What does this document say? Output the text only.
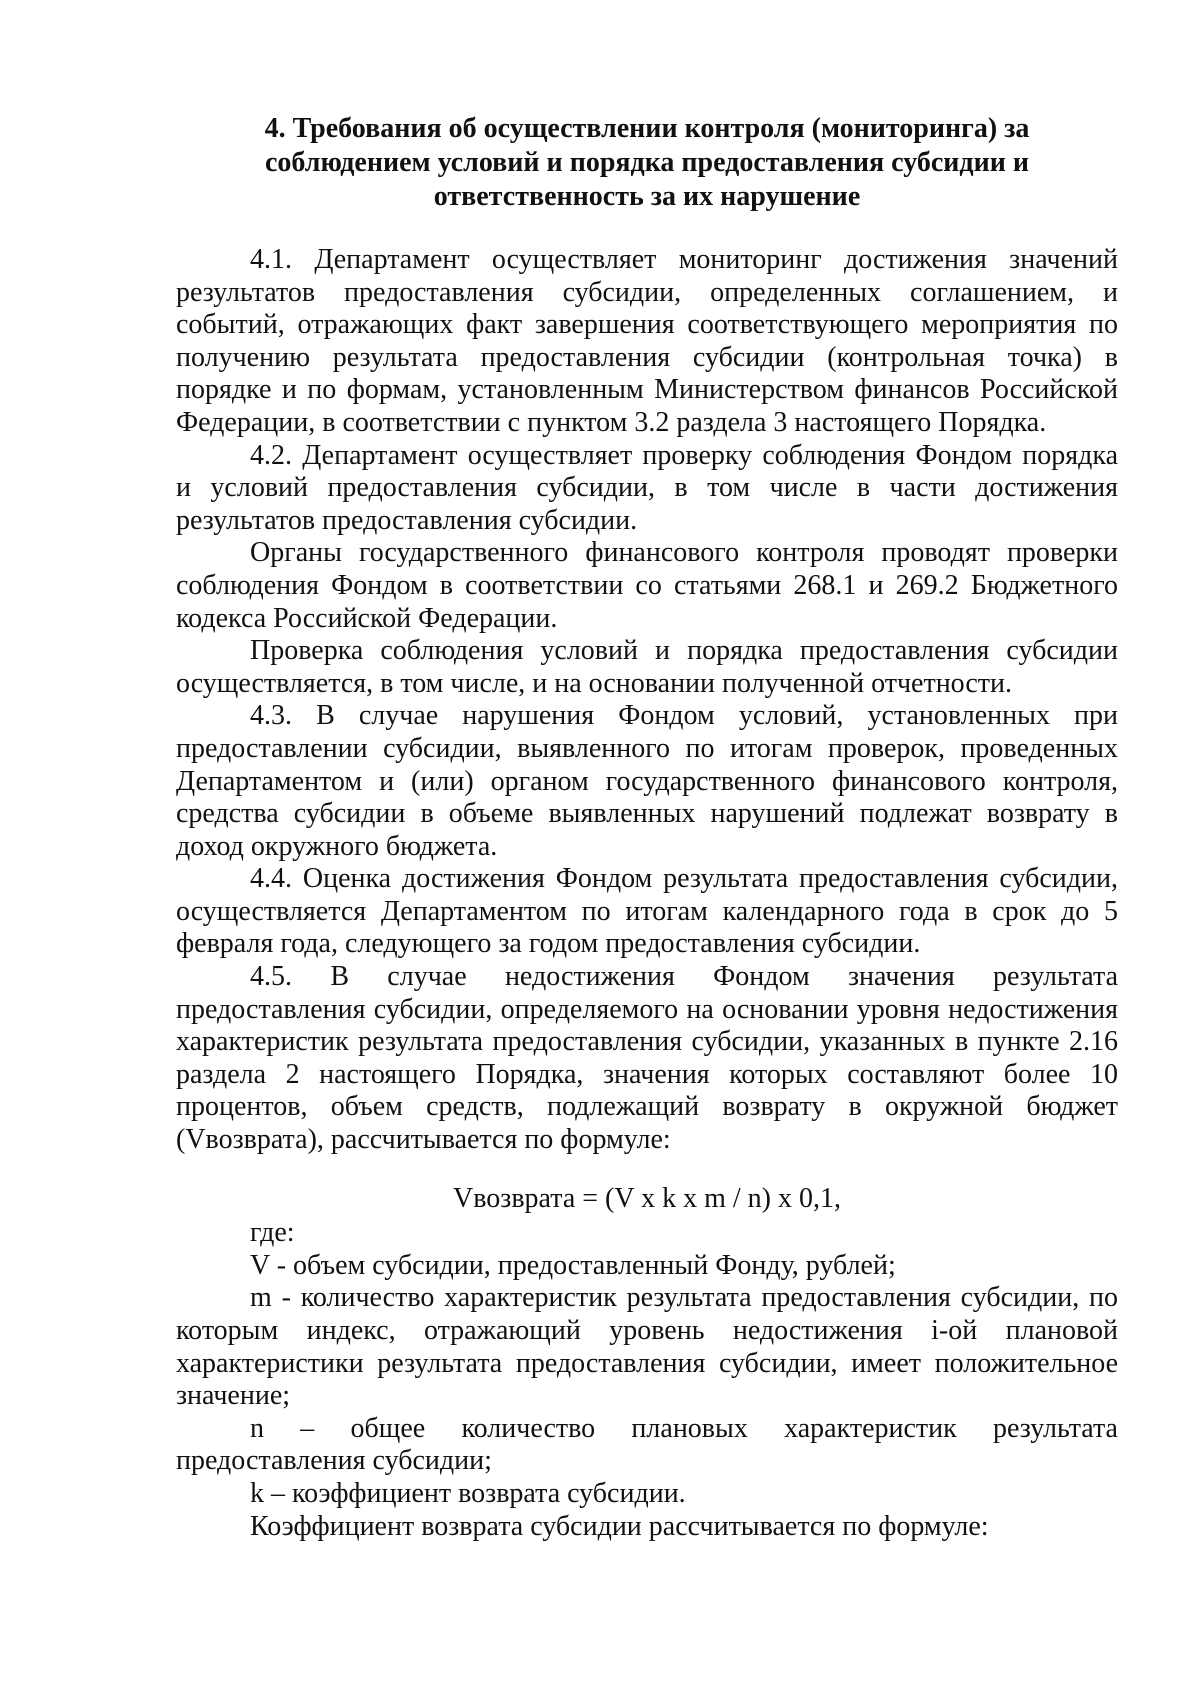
4. Требования об осуществлении контроля (мониторинга) за
соблюдением условий и порядка предоставления субсидии и
ответственность за их нарушение

4.1. Департамент осуществляет мониторинг достижения значений результатов предоставления субсидии, определенных соглашением, и событий, отражающих факт завершения соответствующего мероприятия по получению результата предоставления субсидии (контрольная точка) в порядке и по формам, установленным Министерством финансов Российской Федерации, в соответствии с пунктом 3.2 раздела 3 настоящего Порядка.

4.2. Департамент осуществляет проверку соблюдения Фондом порядка и условий предоставления субсидии, в том числе в части достижения результатов предоставления субсидии.

Органы государственного финансового контроля проводят проверки соблюдения Фондом в соответствии со статьями 268.1 и 269.2 Бюджетного кодекса Российской Федерации.

Проверка соблюдения условий и порядка предоставления субсидии осуществляется, в том числе, и на основании полученной отчетности.

4.3. В случае нарушения Фондом условий, установленных при предоставлении субсидии, выявленного по итогам проверок, проведенных Департаментом и (или) органом государственного финансового контроля, средства субсидии в объеме выявленных нарушений подлежат возврату в доход окружного бюджета.

4.4. Оценка достижения Фондом результата предоставления субсидии, осуществляется Департаментом по итогам календарного года в срок до 5 февраля года, следующего за годом предоставления субсидии.

4.5. В случае недостижения Фондом значения результата предоставления субсидии, определяемого на основании уровня недостижения характеристик результата предоставления субсидии, указанных в пункте 2.16 раздела 2 настоящего Порядка, значения которых составляют более 10 процентов, объем средств, подлежащий возврату в окружной бюджет (Vвозврата), рассчитывается по формуле:

Vвозврата = (V x k x m / n) x 0,1,

где:

V - объем субсидии, предоставленный Фонду, рублей;

m - количество характеристик результата предоставления субсидии, по которым индекс, отражающий уровень недостижения i-ой плановой характеристики результата предоставления субсидии, имеет положительное значение;

n – общее количество плановых характеристик результата предоставления субсидии;

k – коэффициент возврата субсидии.

Коэффициент возврата субсидии рассчитывается по формуле:
